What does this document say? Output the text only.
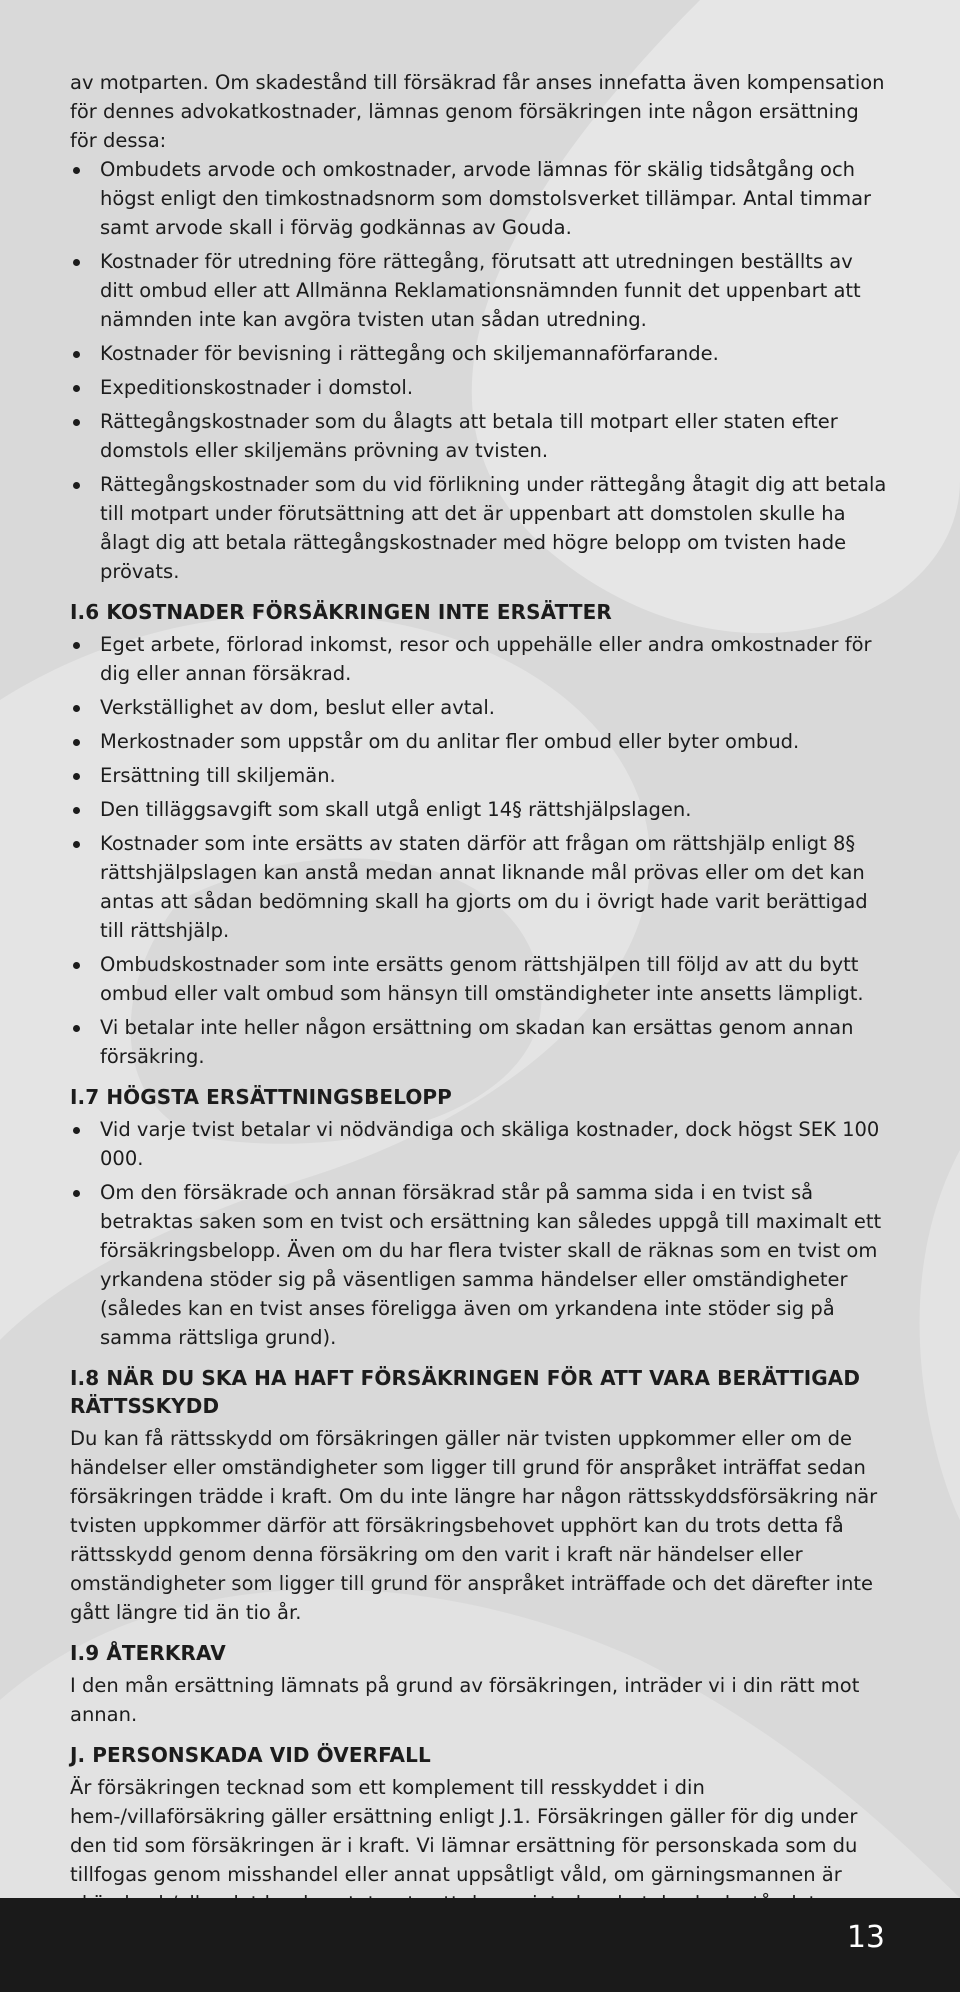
av motparten. Om skadestånd till försäkrad får anses innefatta även kompensation för dennes advokatkostnader, lämnas genom försäkringen inte någon ersättning för dessa:

Ombudets arvode och omkostnader, arvode lämnas för skälig tidsåtgång och högst enligt den timkostnadsnorm som domstolsverket tillämpar. Antal timmar samt arvode skall i förväg godkännas av Gouda.
Kostnader för utredning före rättegång, förutsatt att utredningen beställts av ditt ombud eller att Allmänna Reklamationsnämnden funnit det uppenbart att nämnden inte kan avgöra tvisten utan sådan utredning.
Kostnader för bevisning i rättegång och skiljemannaförfarande.
Expeditionskostnader i domstol.
Rättegångskostnader som du ålagts att betala till motpart eller staten efter domstols eller skiljemäns prövning av tvisten.
Rättegångskostnader som du vid förlikning under rättegång åtagit dig att betala till motpart under förutsättning att det är uppenbart att domstolen skulle ha ålagt dig att betala rättegångskostnader med högre belopp om tvisten hade prövats.
I.6 KOSTNADER FÖRSÄKRINGEN INTE ERSÄTTER
Eget arbete, förlorad inkomst, resor och uppehälle eller andra omkostnader för dig eller annan försäkrad.
Verkställighet av dom, beslut eller avtal.
Merkostnader som uppstår om du anlitar fler ombud eller byter ombud.
Ersättning till skiljemän.
Den tilläggsavgift som skall utgå enligt 14§ rättshjälpslagen.
Kostnader som inte ersätts av staten därför att frågan om rättshjälp enligt 8§ rättshjälpslagen kan anstå medan annat liknande mål prövas eller om det kan antas att sådan bedömning skall ha gjorts om du i övrigt hade varit berättigad till rättshjälp.
Ombudskostnader som inte ersätts genom rättshjälpen till följd av att du bytt ombud eller valt ombud som hänsyn till omständigheter inte ansetts lämpligt.
Vi betalar inte heller någon ersättning om skadan kan ersättas genom annan försäkring.
I.7 HÖGSTA ERSÄTTNINGSBELOPP
Vid varje tvist betalar vi nödvändiga och skäliga kostnader, dock högst SEK 100 000.
Om den försäkrade och annan försäkrad står på samma sida i en tvist så betraktas saken som en tvist och ersättning kan således uppgå till maximalt ett försäkringsbelopp. Även om du har flera tvister skall de räknas som en tvist om yrkandena stöder sig på väsentligen samma händelser eller omständigheter (således kan en tvist anses föreligga även om yrkandena inte stöder sig på samma rättsliga grund).
I.8 NÄR DU SKA HA HAFT FÖRSÄKRINGEN FÖR ATT VARA BERÄTTIGAD RÄTTSSKYDD

Du kan få rättsskydd om försäkringen gäller när tvisten uppkommer eller om de händelser eller omständigheter som ligger till grund för anspråket inträffat sedan försäkringen trädde i kraft. Om du inte längre har någon rättsskyddsförsäkring när tvisten uppkommer därför att försäkringsbehovet upphört kan du trots detta få rättsskydd genom denna försäkring om den varit i kraft när händelser eller omständigheter som ligger till grund för anspråket inträffade och det därefter inte gått längre tid än tio år.

I.9 ÅTERKRAV

I den mån ersättning lämnats på grund av försäkringen, inträder vi i din rätt mot annan.

J. PERSONSKADA VID ÖVERFALL

Är försäkringen tecknad som ett komplement till resskyddet i din hem-/villaförsäkring gäller ersättning enligt J.1. Försäkringen gäller för dig under den tid som försäkringen är i kraft. Vi lämnar ersättning för personskada som du tillfogas genom misshandel eller annat uppsåtligt våld, om gärningsmannen är

13
